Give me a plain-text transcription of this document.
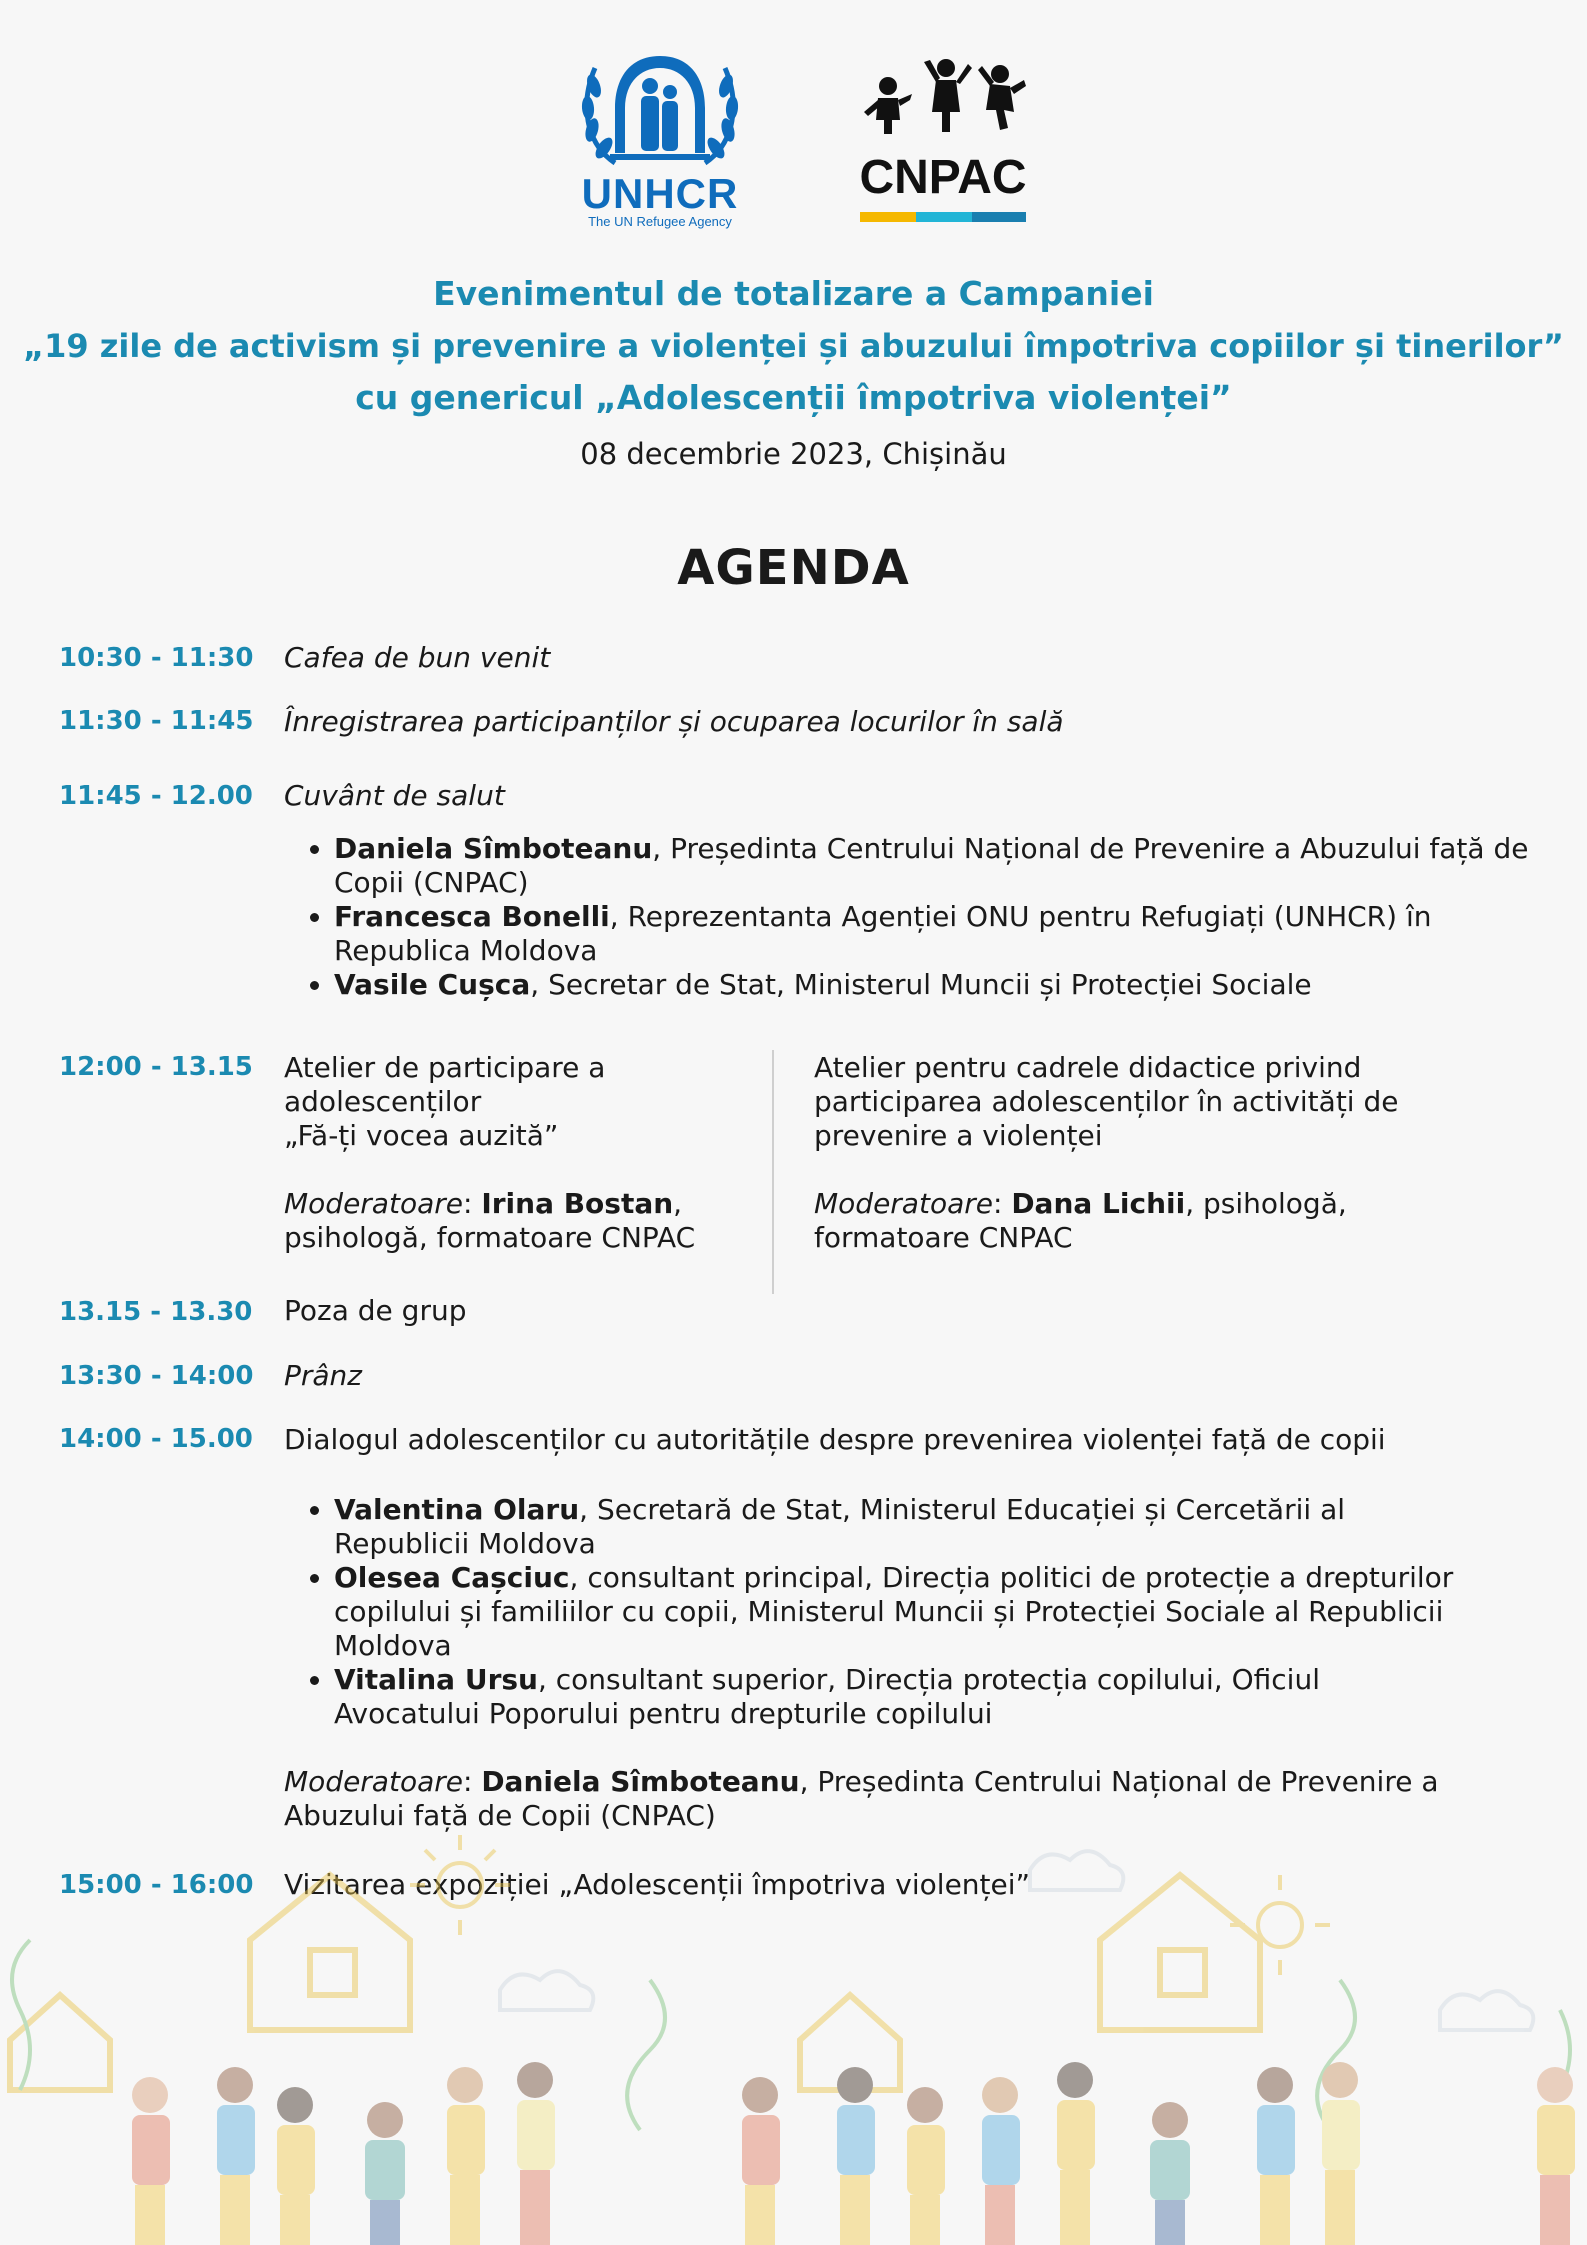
UNHCR
The UN Refugee Agency
CNPAC
Evenimentul de totalizare a Campaniei
„19 zile de activism și prevenire a violenței și abuzului împotriva copiilor și tinerilor”
cu genericul „Adolescenții împotriva violenței”
08 decembrie 2023, Chișinău
AGENDA
10:30 - 11:30 Cafea de bun venit
11:30 - 11:45 Înregistrarea participanților și ocuparea locurilor în sală
11:45 - 12.00 Cuvânt de salut
• Daniela Sîmboteanu, Președinta Centrului Național de Prevenire a Abuzului față de Copii (CNPAC)
• Francesca Bonelli, Reprezentanta Agenției ONU pentru Refugiați (UNHCR) în Republica Moldova
• Vasile Cușca, Secretar de Stat, Ministerul Muncii și Protecției Sociale
12:00 - 13.15 Atelier de participare a
adolescenților
„Fă-ți vocea auzită”
Moderatoare: Irina Bostan,
psihologă, formatoare CNPAC
Atelier pentru cadrele didactice privind
participarea adolescenților în activități de
prevenire a violenței
Moderatoare: Dana Lichii, psihologă,
formatoare CNPAC
13.15 - 13.30 Poza de grup
13:30 - 14:00 Prânz
14:00 - 15.00 Dialogul adolescenților cu autoritățile despre prevenirea violenței față de copii
• Valentina Olaru, Secretară de Stat, Ministerul Educației și Cercetării al Republicii Moldova
• Olesea Cașciuc, consultant principal, Direcția politici de protecție a drepturilor copilului și familiilor cu copii, Ministerul Muncii și Protecției Sociale al Republicii Moldova
• Vitalina Ursu, consultant superior, Direcția protecția copilului, Oficiul Avocatului Poporului pentru drepturile copilului
Moderatoare: Daniela Sîmboteanu, Președinta Centrului Național de Prevenire a Abuzului față de Copii (CNPAC)
15:00 - 16:00 Vizitarea expoziției „Adolescenții împotriva violenței”
